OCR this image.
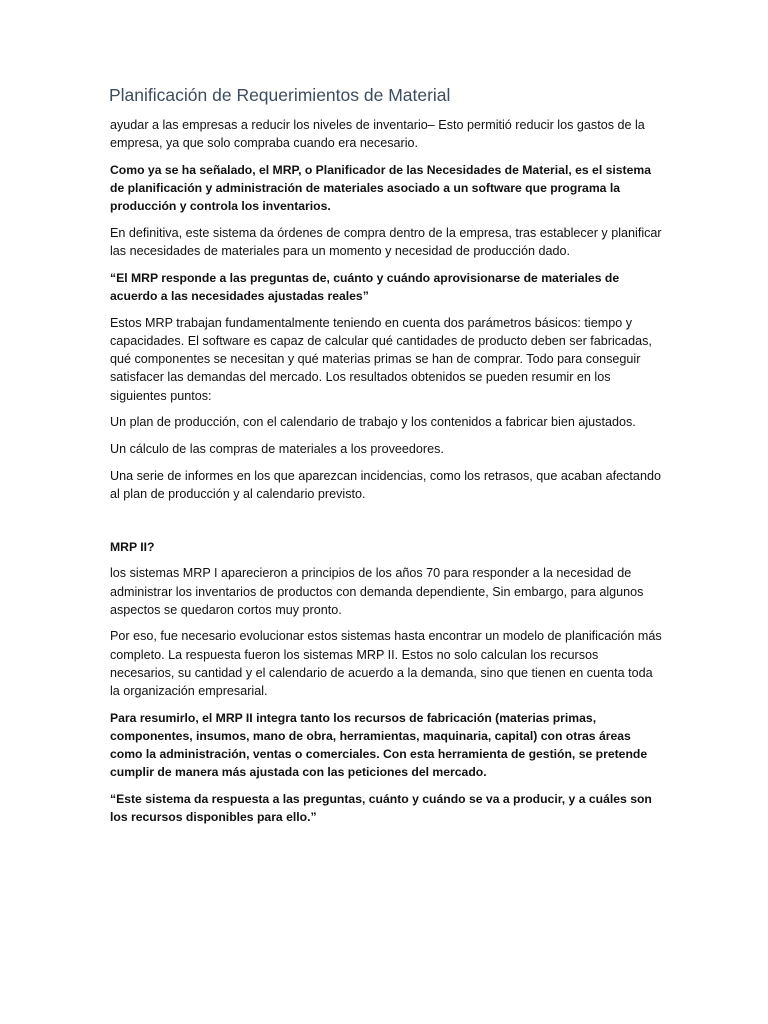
Planificación de Requerimientos de Material

ayudar a las empresas a reducir los niveles de inventario– Esto permitió reducir los gastos de la empresa, ya que solo compraba cuando era necesario.

Como ya se ha señalado, el MRP, o Planificador de las Necesidades de Material, es el sistema de planificación y administración de materiales asociado a un software que programa la producción y controla los inventarios.

En definitiva, este sistema da órdenes de compra dentro de la empresa, tras establecer y planificar las necesidades de materiales para un momento y necesidad de producción dado.

“El MRP responde a las preguntas de, cuánto y cuándo aprovisionarse de materiales de acuerdo a las necesidades ajustadas reales”

Estos MRP trabajan fundamentalmente teniendo en cuenta dos parámetros básicos: tiempo y capacidades. El software es capaz de calcular qué cantidades de producto deben ser fabricadas, qué componentes se necesitan y qué materias primas se han de comprar. Todo para conseguir satisfacer las demandas del mercado. Los resultados obtenidos se pueden resumir en los siguientes puntos:

Un plan de producción, con el calendario de trabajo y los contenidos a fabricar bien ajustados.

Un cálculo de las compras de materiales a los proveedores.

Una serie de informes en los que aparezcan incidencias, como los retrasos, que acaban afectando al plan de producción y al calendario previsto.

MRP II?

los sistemas MRP I aparecieron a principios de los años 70 para responder a la necesidad de administrar los inventarios de productos con demanda dependiente, Sin embargo, para algunos aspectos se quedaron cortos muy pronto.

Por eso, fue necesario evolucionar estos sistemas hasta encontrar un modelo de planificación más completo. La respuesta fueron los sistemas MRP II. Estos no solo calculan los recursos necesarios, su cantidad y el calendario de acuerdo a la demanda, sino que tienen en cuenta toda la organización empresarial.

Para resumirlo, el MRP II integra tanto los recursos de fabricación (materias primas, componentes, insumos, mano de obra, herramientas, maquinaria, capital) con otras áreas como la administración, ventas o comerciales. Con esta herramienta de gestión, se pretende cumplir de manera más ajustada con las peticiones del mercado.

“Este sistema da respuesta a las preguntas, cuánto y cuándo se va a producir, y a cuáles son los recursos disponibles para ello.”
